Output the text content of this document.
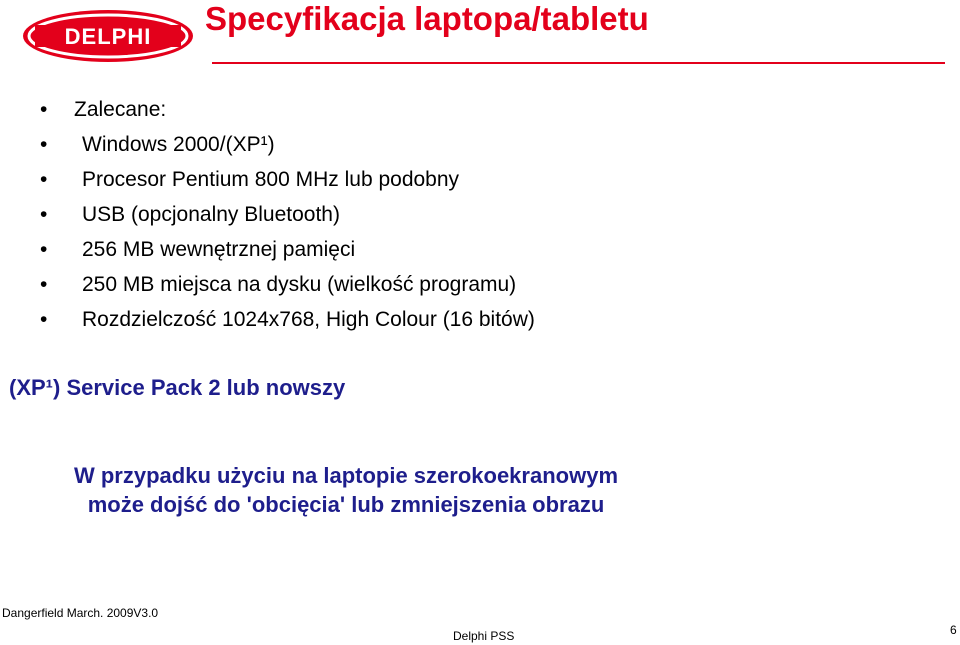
DELPHI Specyfikacja laptopa/tabletu
• Zalecane:
• Windows 2000/(XP¹)
• Procesor Pentium 800 MHz lub podobny
• USB (opcjonalny Bluetooth)
• 256 MB wewnętrznej pamięci
• 250 MB miejsca na dysku (wielkość programu)
• Rozdzielczość 1024x768, High Colour (16 bitów)
(XP¹) Service Pack 2 lub nowszy
W przypadku użyciu na laptopie szerokoekranowym
może dojść do 'obcięcia' lub zmniejszenia obrazu
Dangerfield March. 2009V3.0
Delphi PSS	6
